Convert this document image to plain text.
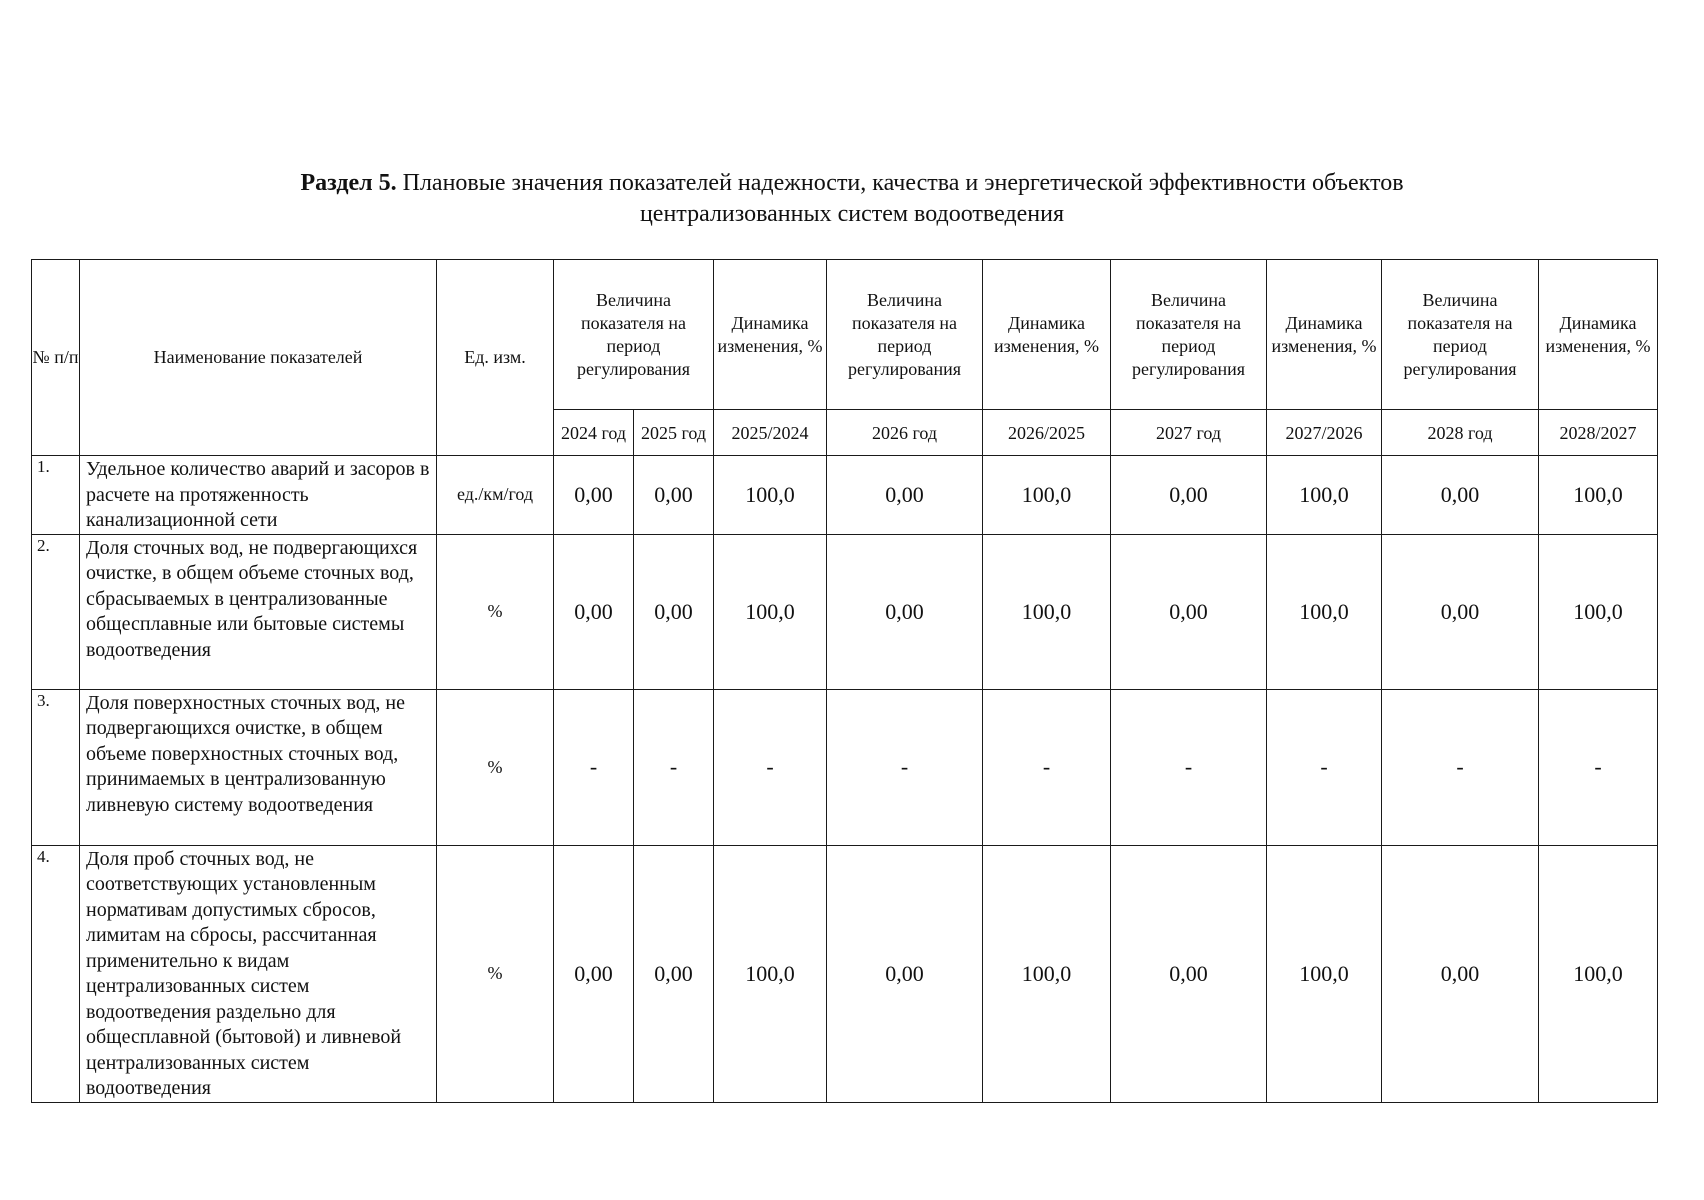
Раздел 5. Плановые значения показателей надежности, качества и энергетической эффективности объектов
централизованных систем водоотведения
№ п/п	Наименование показателей	Ед. изм.	Величина показателя на период регулирования		Динамика изменения, %	Величина показателя на период регулирования	Динамика изменения, %	Величина показателя на период регулирования	Динамика изменения, %	Величина показателя на период регулирования	Динамика изменения, %
			2024 год	2025 год	2025/2024	2026 год	2026/2025	2027 год	2027/2026	2028 год	2028/2027
1.	Удельное количество аварий и засоров в расчете на протяженность канализационной сети	ед./км/год	0,00	0,00	100,0	0,00	100,0	0,00	100,0	0,00	100,0
2.	Доля сточных вод, не подвергающихся очистке, в общем объеме сточных вод, сбрасываемых в централизованные общесплавные или бытовые системы водоотведения	%	0,00	0,00	100,0	0,00	100,0	0,00	100,0	0,00	100,0
3.	Доля поверхностных сточных вод, не подвергающихся очистке, в общем объеме поверхностных сточных вод, принимаемых в централизованную ливневую систему водоотведения	%	-	-	-	-	-	-	-	-	-
4.	Доля проб сточных вод, не соответствующих установленным нормативам допустимых сбросов, лимитам на сбросы, рассчитанная применительно к видам централизованных систем водоотведения раздельно для общесплавной (бытовой) и ливневой централизованных систем водоотведения	%	0,00	0,00	100,0	0,00	100,0	0,00	100,0	0,00	100,0
